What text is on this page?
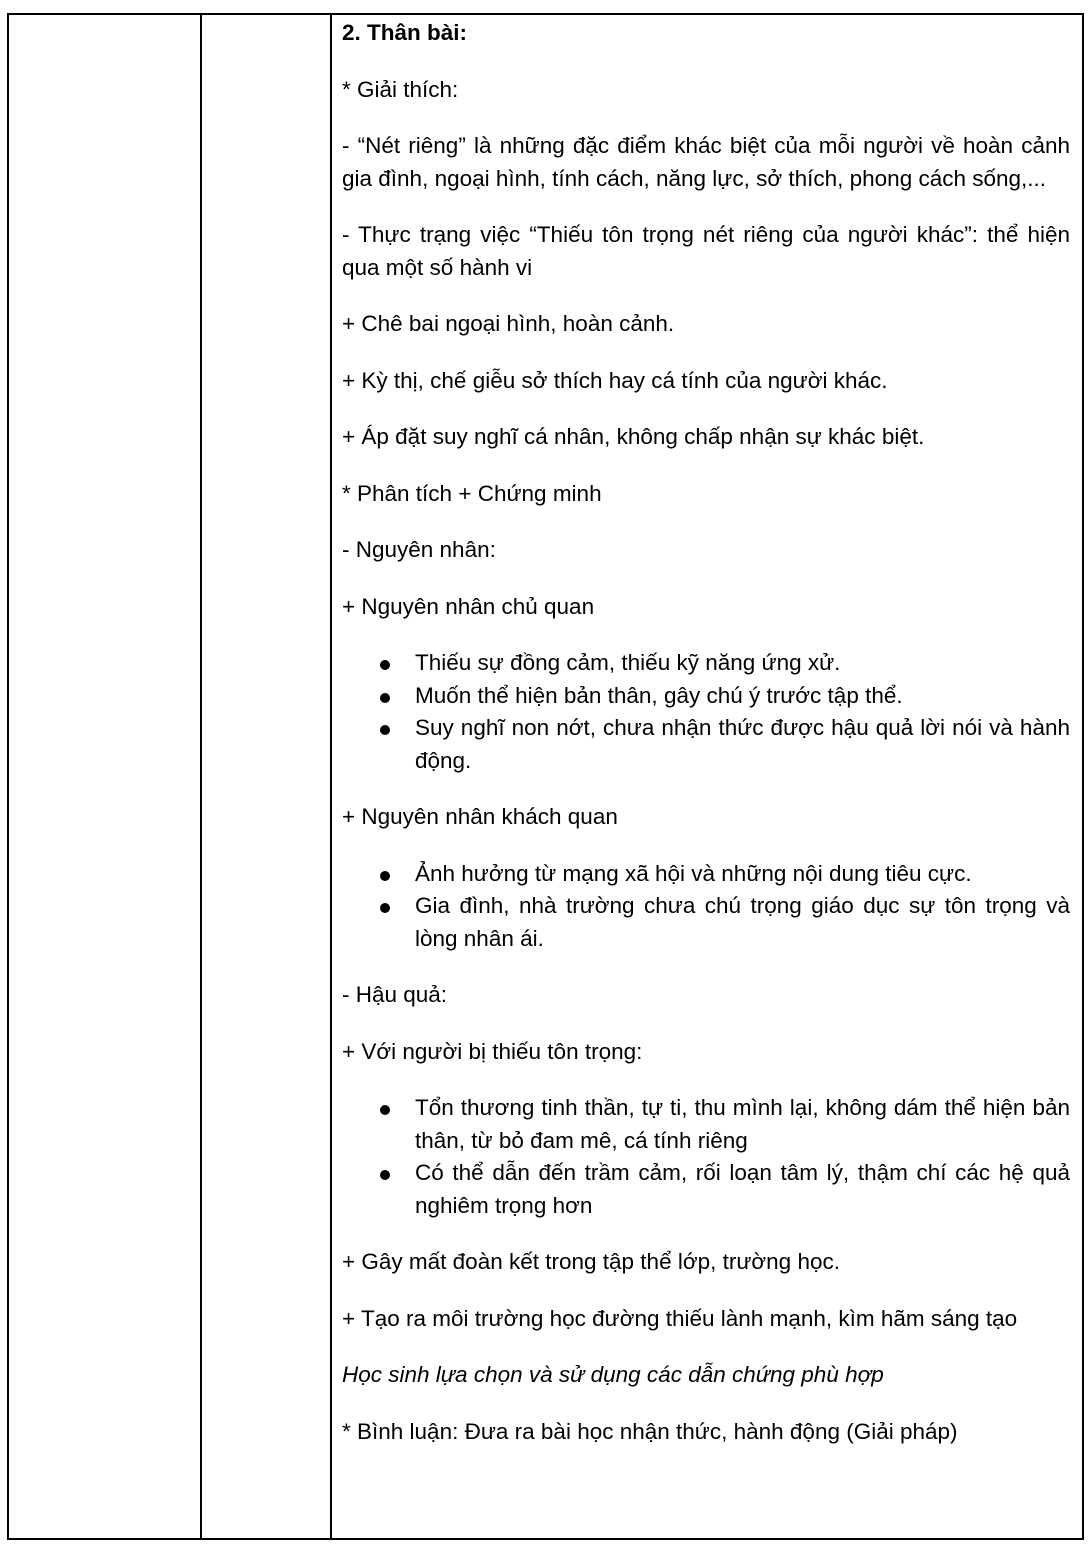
2. Thân bài:

* Giải thích:

- “Nét riêng” là những đặc điểm khác biệt của mỗi người về hoàn cảnh gia đình, ngoại hình, tính cách, năng lực, sở thích, phong cách sống,...

- Thực trạng việc “Thiếu tôn trọng nét riêng của người khác”: thể hiện qua một số hành vi

+ Chê bai ngoại hình, hoàn cảnh.

+ Kỳ thị, chế giễu sở thích hay cá tính của người khác.

+ Áp đặt suy nghĩ cá nhân, không chấp nhận sự khác biệt.

* Phân tích + Chứng minh

- Nguyên nhân:

+ Nguyên nhân chủ quan

Thiếu sự đồng cảm, thiếu kỹ năng ứng xử.
Muốn thể hiện bản thân, gây chú ý trước tập thể.
Suy nghĩ non nớt, chưa nhận thức được hậu quả lời nói và hành động.

+ Nguyên nhân khách quan

Ảnh hưởng từ mạng xã hội và những nội dung tiêu cực.
Gia đình, nhà trường chưa chú trọng giáo dục sự tôn trọng và lòng nhân ái.

- Hậu quả:

+ Với người bị thiếu tôn trọng:

Tổn thương tinh thần, tự ti, thu mình lại, không dám thể hiện bản thân, từ bỏ đam mê, cá tính riêng
Có thể dẫn đến trầm cảm, rối loạn tâm lý, thậm chí các hệ quả nghiêm trọng hơn

+ Gây mất đoàn kết trong tập thể lớp, trường học.

+ Tạo ra môi trường học đường thiếu lành mạnh, kìm hãm sáng tạo

Học sinh lựa chọn và sử dụng các dẫn chứng phù hợp

* Bình luận: Đưa ra bài học nhận thức, hành động (Giải pháp)
